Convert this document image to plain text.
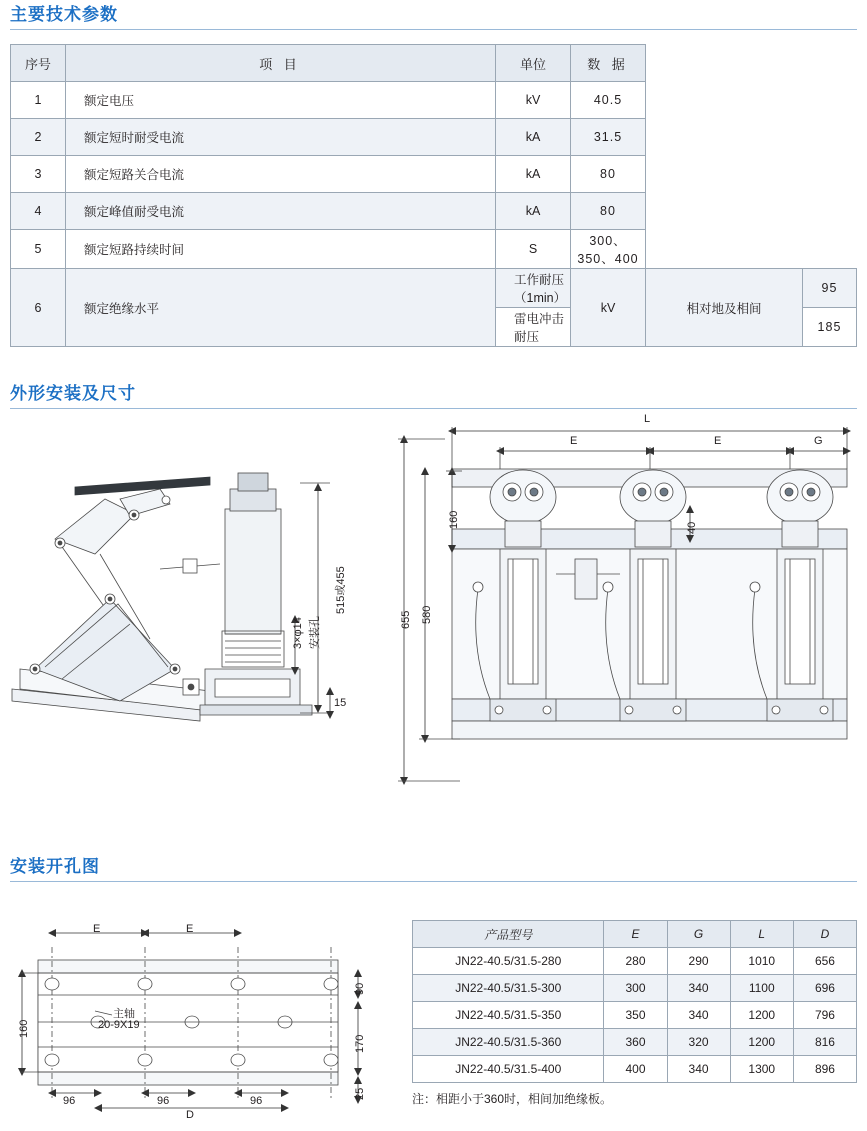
主要技术参数
序号	项 目	单位	数 据		
1	额定电压	kV	40.5		
2	额定短时耐受电流	kA	31.5		
3	额定短路关合电流	kA	80		
4	额定峰值耐受电流	kA	80		
5	额定短路持续时间	S	300、350、400		
6	额定绝缘水平	工作耐压（1min）	kV	相对地及相间	95
		雷电冲击耐压			185
外形安装及尺寸
515或455
3×φ14 安装孔
15
L
E	E	G
40
160
580
655
安装开孔图
E	E
160
90
170
25
96	96	96
D
主轴
20-9X19
产品型号	E	G	L	D
JN22-40.5/31.5-280	280	290	1010	656
JN22-40.5/31.5-300	300	340	1100	696
JN22-40.5/31.5-350	350	340	1200	796
JN22-40.5/31.5-360	360	320	1200	816
JN22-40.5/31.5-400	400	340	1300	896
注：相距小于360时，相间加绝缘板。
